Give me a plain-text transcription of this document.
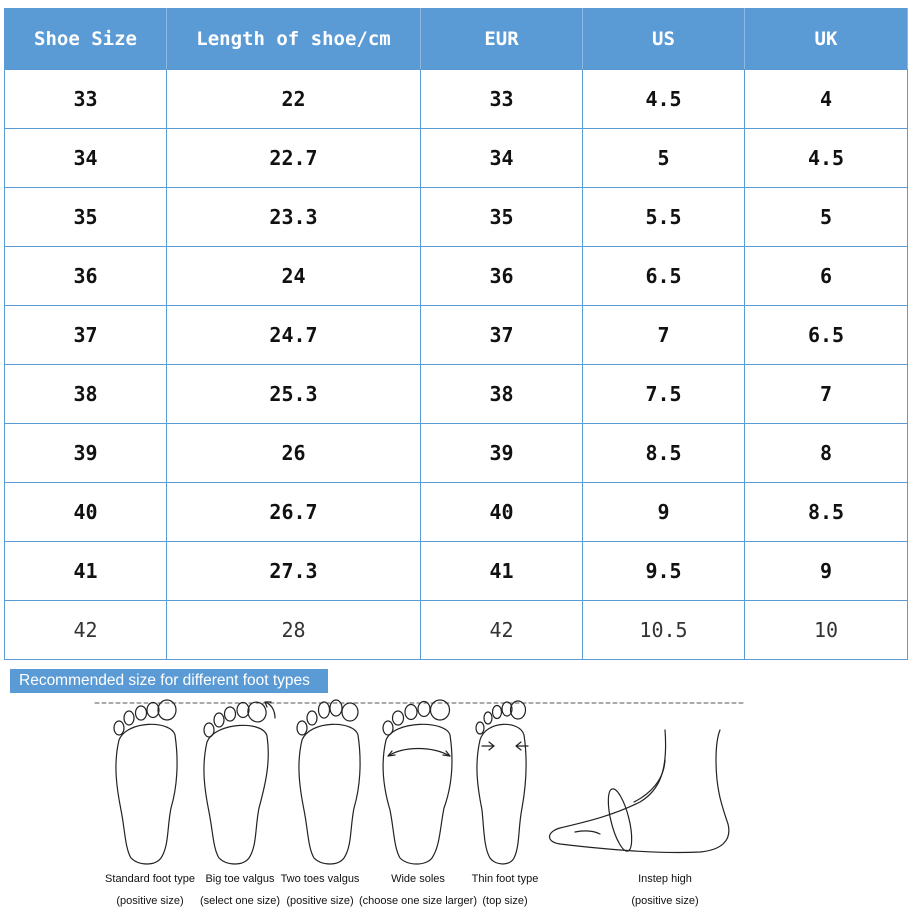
Shoe Size	Length of shoe/cm	EUR	US	UK
33	22	33	4.5	4
34	22.7	34	5	4.5
35	23.3	35	5.5	5
36	24	36	6.5	6
37	24.7	37	7	6.5
38	25.3	38	7.5	7
39	26	39	8.5	8
40	26.7	40	9	8.5
41	27.3	41	9.5	9
42	28	42	10.5	10
Recommended size for different foot types
Standard foot type
(positive size)
Big toe valgus
(select one size)
Two toes valgus
(positive size)
Wide soles
(choose one size larger)
Thin foot type
(top size)
Instep high
(positive size)
